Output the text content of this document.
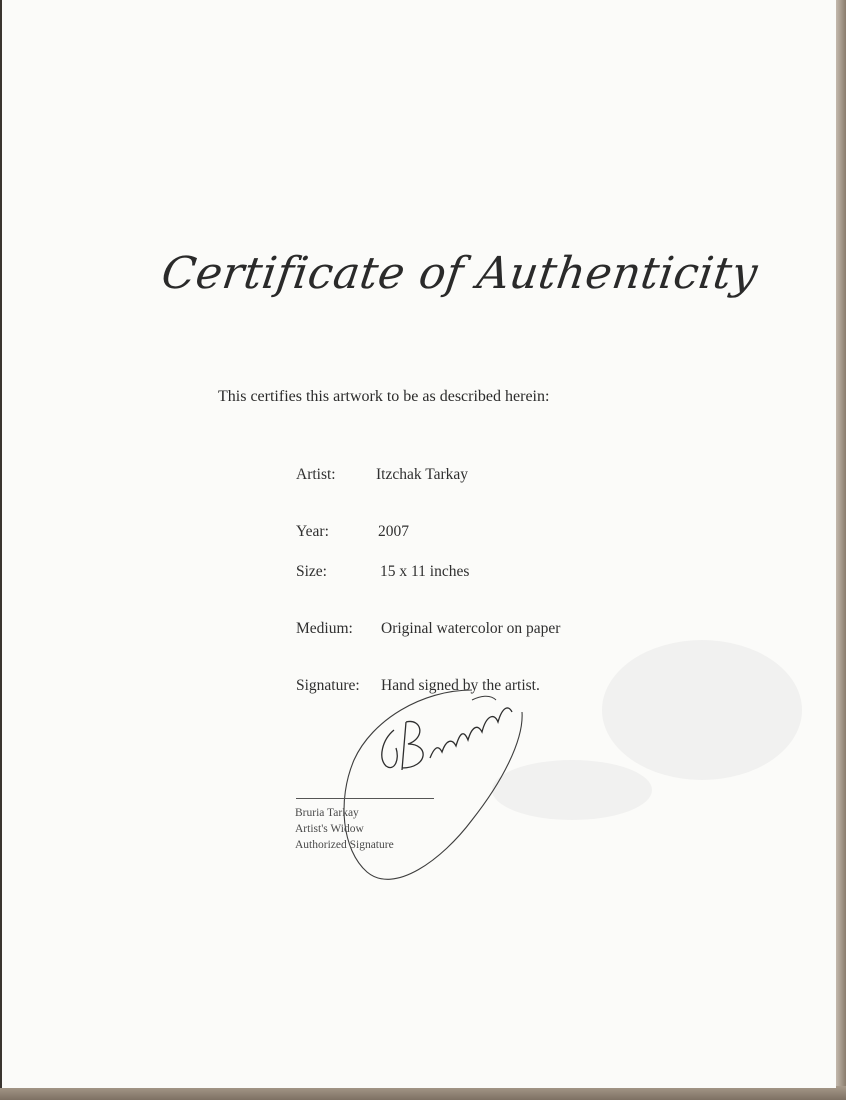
Certificate of Authenticity
This certifies this artwork to be as described herein:
Artist:	Itzchak Tarkay
Year:	2007
Size:	15 x 11 inches
Medium: Original watercolor on paper
Signature: Hand signed by the artist.
Bruria Tarkay
Artist's Widow
Authorized Signature
